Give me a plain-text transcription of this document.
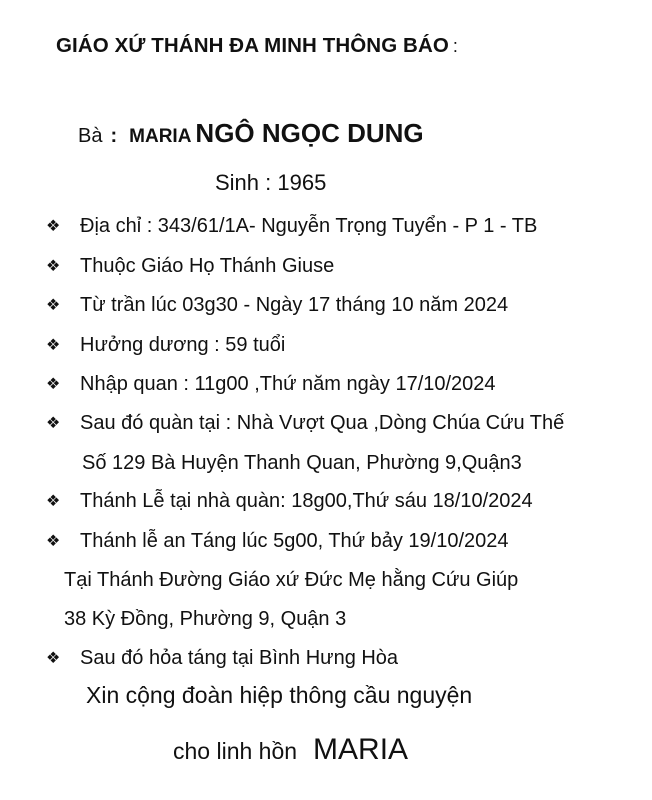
GIÁO XỨ THÁNH ĐA MINH THÔNG BÁO :
Bà : MARIA NGÔ NGỌC DUNG
Sinh : 1965
❖ Địa chỉ : 343/61/1A- Nguyễn Trọng Tuyển - P 1 - TB
❖ Thuộc Giáo Họ Thánh Giuse
❖ Từ trần lúc 03g30 - Ngày 17 tháng 10 năm 2024
❖ Hưởng dương : 59 tuổi
❖ Nhập quan : 11g00 ,Thứ năm ngày 17/10/2024
❖ Sau đó quàn tại : Nhà Vượt Qua ,Dòng Chúa Cứu Thế
Số 129 Bà Huyện Thanh Quan, Phường 9,Quận3
❖ Thánh Lễ tại nhà quàn: 18g00,Thứ sáu 18/10/2024
❖ Thánh lễ an Táng lúc 5g00, Thứ bảy 19/10/2024
Tại Thánh Đường Giáo xứ Đức Mẹ hằng Cứu Giúp
38 Kỳ Đồng, Phường 9, Quận 3
❖ Sau đó hỏa táng tại Bình Hưng Hòa
Xin cộng đoàn hiệp thông cầu nguyện
cho linh hồn MARIA
